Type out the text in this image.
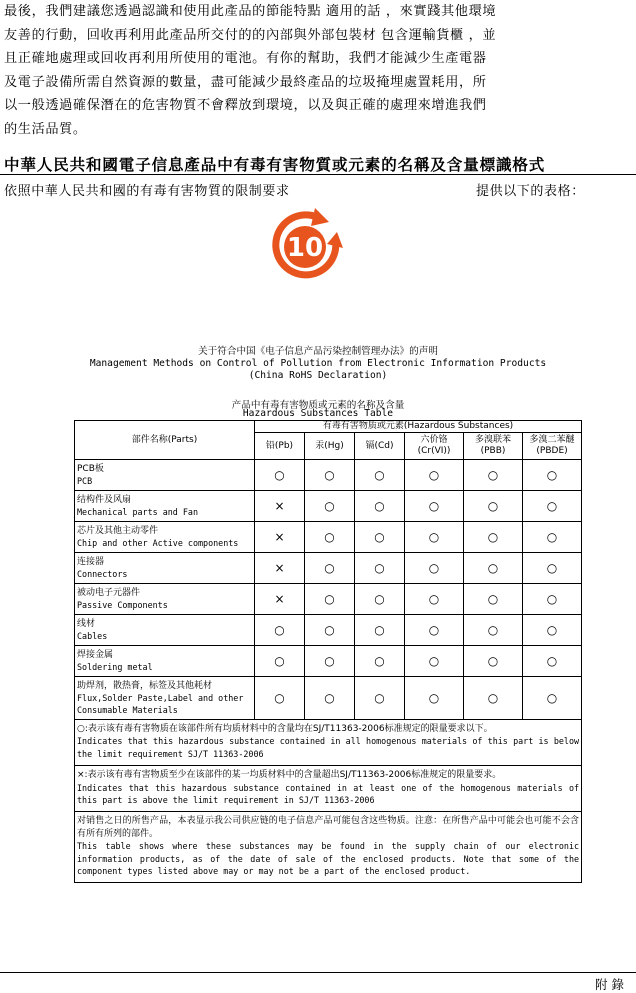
最後，我們建議您透過認識和使用此產品的節能特點 適用的話 ，來實踐其他環境
友善的行動，回收再利用此產品所交付的的內部與外部包裝材 包含運輸貨櫃 ，並
且正確地處理或回收再利用所使用的電池。有你的幫助，我們才能減少生產電器
及電子設備所需自然資源的數量，盡可能減少最終產品的垃圾掩埋處置耗用，所
以一般透過確保潛在的危害物質不會釋放到環境，以及與正確的處理來增進我們
的生活品質。
中華人民共和國電子信息產品中有毒有害物質或元素的名稱及含量標識格式
依照中華人民共和國的有毒有害物質的限制要求	提供以下的表格：
10
关于符合中国《电子信息产品污染控制管理办法》的声明
Management Methods on Control of Pollution from Electronic Information Products
(China RoHS Declaration)
产品中有毒有害物质或元素的名称及含量
Hazardous Substances Table
部件名称(Parts)	有毒有害物质或元素(Hazardous Substances)					
	铅(Pb)	汞(Hg)	镉(Cd)	六价铬
(Cr(VI))	多溴联苯
(PBB)	多溴二苯醚
(PBDE)

PCB板
PCB	○	○	○	○	○	○

结构件及风扇
Mechanical parts and Fan	×	○	○	○	○	○

芯片及其他主动零件
Chip and other Active components	×	○	○	○	○	○

连接器
Connectors	×	○	○	○	○	○

被动电子元器件
Passive Components	×	○	○	○	○	○

线材
Cables	○	○	○	○	○	○

焊接金属
Soldering metal	○	○	○	○	○	○

助焊剂，散热膏，标签及其他耗材
Flux,Solder Paste,Label and other
Consumable Materials	○	○	○	○	○	○

○:表示该有毒有害物质在该部件所有均质材料中的含量均在SJ/T11363-2006标准规定的限量要求以下。
Indicates that this hazardous substance contained in all homogenous materials of this part is below the limit requirement SJ/T 11363-2006						

×:表示该有毒有害物质至少在该部件的某一均质材料中的含量超出SJ/T11363-2006标准规定的限量要求。
Indicates that this hazardous substance contained in at least one of the homogenous materials of this part is above the limit requirement in SJ/T 11363-2006						

对销售之日的所售产品，本表显示我公司供应链的电子信息产品可能包含这些物质。注意：在所售产品中可能会也可能不会含有所有所列的部件。
This table shows where these substances may be found in the supply chain of our electronic information products, as of the date of sale of the enclosed products. Note that some of the component types listed above may or may not be a part of the enclosed product.						
附錄
